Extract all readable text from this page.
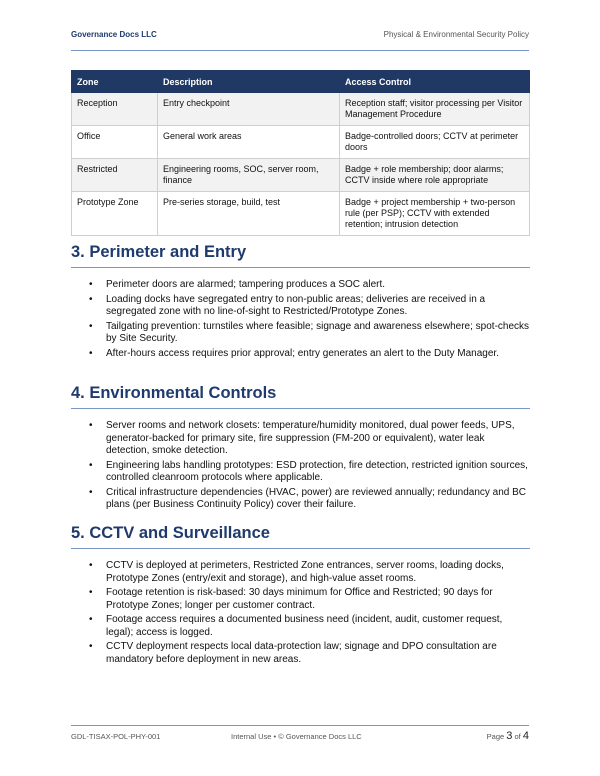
Governance Docs LLC	Physical & Environmental Security Policy
Zone	Description	Access Control
Reception	Entry checkpoint	Reception staff; visitor processing per Visitor Management Procedure
Office	General work areas	Badge-controlled doors; CCTV at perimeter doors
Restricted	Engineering rooms, SOC, server room, finance	Badge + role membership; door alarms; CCTV inside where role appropriate
Prototype Zone	Pre-series storage, build, test	Badge + project membership + two-person rule (per PSP); CCTV with extended retention; intrusion detection
3. Perimeter and Entry
• Perimeter doors are alarmed; tampering produces a SOC alert.
• Loading docks have segregated entry to non-public areas; deliveries are received in a segregated zone with no line-of-sight to Restricted/Prototype Zones.
• Tailgating prevention: turnstiles where feasible; signage and awareness elsewhere; spot-checks by Site Security.
• After-hours access requires prior approval; entry generates an alert to the Duty Manager.
4. Environmental Controls
• Server rooms and network closets: temperature/humidity monitored, dual power feeds, UPS, generator-backed for primary site, fire suppression (FM-200 or equivalent), water leak detection, smoke detection.
• Engineering labs handling prototypes: ESD protection, fire detection, restricted ignition sources, controlled cleanroom protocols where applicable.
• Critical infrastructure dependencies (HVAC, power) are reviewed annually; redundancy and BC plans (per Business Continuity Policy) cover their failure.
5. CCTV and Surveillance
• CCTV is deployed at perimeters, Restricted Zone entrances, server rooms, loading docks, Prototype Zones (entry/exit and storage), and high-value asset rooms.
• Footage retention is risk-based: 30 days minimum for Office and Restricted; 90 days for Prototype Zones; longer per customer contract.
• Footage access requires a documented business need (incident, audit, customer request, legal); access is logged.
• CCTV deployment respects local data-protection law; signage and DPO consultation are mandatory before deployment in new areas.
GDL-TISAX-POL-PHY-001	Internal Use • © Governance Docs LLC	Page 3 of 4
